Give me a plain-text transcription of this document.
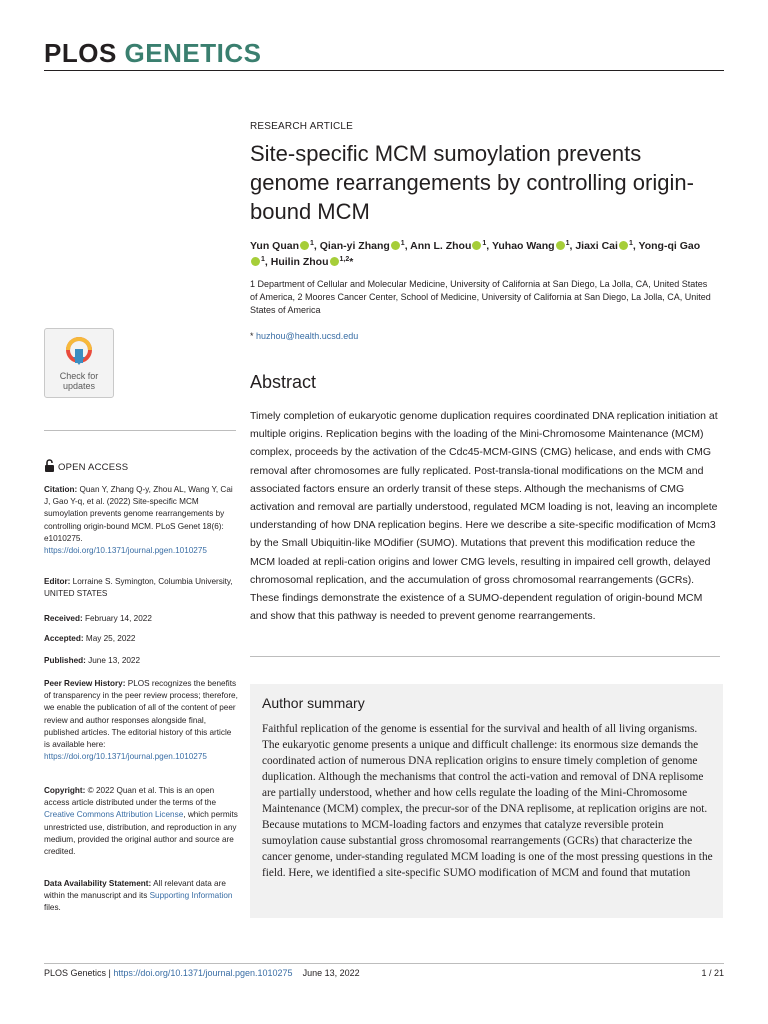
PLOS GENETICS
Check for
updates
OPEN ACCESS
Citation: Quan Y, Zhang Q-y, Zhou AL, Wang Y, Cai J, Gao Y-q, et al. (2022) Site-specific MCM sumoylation prevents genome rearrangements by controlling origin-bound MCM. PLoS Genet 18(6): e1010275. https://doi.org/10.1371/journal.pgen.1010275
Editor: Lorraine S. Symington, Columbia University, UNITED STATES
Received: February 14, 2022
Accepted: May 25, 2022
Published: June 13, 2022
Peer Review History: PLOS recognizes the benefits of transparency in the peer review process; therefore, we enable the publication of all of the content of peer review and author responses alongside final, published articles. The editorial history of this article is available here: https://doi.org/10.1371/journal.pgen.1010275
Copyright: © 2022 Quan et al. This is an open access article distributed under the terms of the Creative Commons Attribution License, which permits unrestricted use, distribution, and reproduction in any medium, provided the original author and source are credited.
Data Availability Statement: All relevant data are within the manuscript and its Supporting Information files.
RESEARCH ARTICLE
Site-specific MCM sumoylation prevents genome rearrangements by controlling origin-bound MCM
Yun Quan $^1$, Qian-yi Zhang $^1$, Ann L. Zhou $^1$, Yuhao Wang $^1$, Jiaxi Cai $^1$, Yong-qi Gao$^1$, Huilin Zhou $^{1,2}$*
1 Department of Cellular and Molecular Medicine, University of California at San Diego, La Jolla, CA, United States of America, 2 Moores Cancer Center, School of Medicine, University of California at San Diego, La Jolla, CA, United States of America
* huzhou@health.ucsd.edu
Abstract
Timely completion of eukaryotic genome duplication requires coordinated DNA replication initiation at multiple origins. Replication begins with the loading of the Mini-Chromosome Maintenance (MCM) complex, proceeds by the activation of the Cdc45-MCM-GINS (CMG) helicase, and ends with CMG removal after chromosomes are fully replicated. Post-transla-tional modifications on the MCM and associated factors ensure an orderly transit of these steps. Although the mechanisms of CMG activation and removal are partially understood, regulated MCM loading is not, leaving an incomplete understanding of how DNA replication begins. Here we describe a site-specific modification of Mcm3 by the Small Ubiquitin-like MOdifier (SUMO). Mutations that prevent this modification reduce the MCM loaded at repli-cation origins and lower CMG levels, resulting in impaired cell growth, delayed chromosomal replication, and the accumulation of gross chromosomal rearrangements (GCRs). These findings demonstrate the existence of a SUMO-dependent regulation of origin-bound MCM and show that this pathway is needed to prevent genome rearrangements.
Author summary
Faithful replication of the genome is essential for the survival and health of all living organisms. The eukaryotic genome presents a unique and difficult challenge: its enormous size demands the coordinated action of numerous DNA replication origins to ensure timely completion of genome duplication. Although the mechanisms that control the acti-vation and removal of DNA replisome are partially understood, whether and how cells regulate the loading of the Mini-Chromosome Maintenance (MCM) complex, the precur-sor of the DNA replisome, at replication origins are not. Because mutations to MCM-loading factors and enzymes that catalyze reversible protein sumoylation cause substantial gross chromosomal rearrangements (GCRs) that characterize the cancer genome, under-standing regulated MCM loading is one of the most pressing questions in the field. Here, we identified a site-specific SUMO modification of MCM and found that mutation
PLOS Genetics | https://doi.org/10.1371/journal.pgen.1010275 June 13, 2022	1 / 21
